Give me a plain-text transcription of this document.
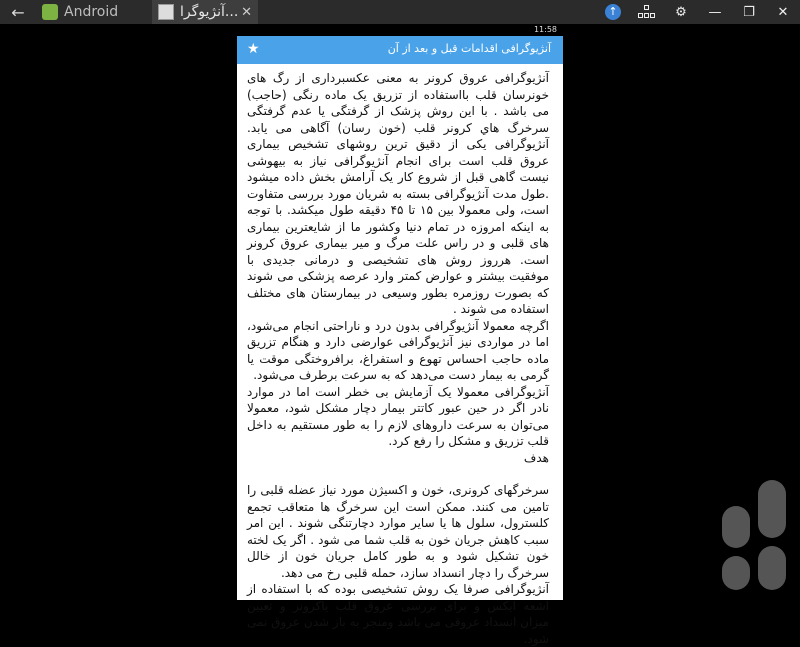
←	Android	آنژیوگرا... ✕	↑	⚙ — ❐ ✕
11:58
آنژیوگرافی اقدامات قبل و بعد از آن
★

آنژیوگرافی عروق کرونر به معنی عکسبرداری از رگ های خونرسان قلب بااستفاده از تزریق یک ماده رنگی (حاجب) می باشد . با این روش پزشک از گرفتگی یا عدم گرفتگی سرخرگ هاي کرونر قلب (خون رسان) آگاهی می یابد. آنژیوگرافی یکی از دقیق ترین روشهای تشخیص بیماری عروق قلب است برای انجام آنژیوگرافی نیاز به بیهوشی نیست گاهی قبل از شروع کار یک آرامش بخش داده میشود .طول مدت آنژیوگرافی بسته به شریان مورد بررسی متفاوت است، ولی معمولا بین ۱۵ تا ۴۵ دقیقه طول میکشد. با توجه به اینکه امروزه در تمام دنیا وکشور ما از شایعترین بیماری های قلبی و در راس علت مرگ و میر بیماری عروق کرونر است. هرروز روش های تشخیصی و درمانی جدیدی با موفقیت بیشتر و عوارض کمتر وارد عرصه پزشکی می شوند که بصورت روزمره بطور وسیعی در بیمارستان های مختلف استفاده می شوند .

اگرچه معمولا آنژیوگرافی بدون درد و ناراحتی انجام می‌شود، اما در مواردی نیز آنژیوگرافی عوارضی دارد و هنگام تزریق ماده حاجب احساس تهوع و استفراغ، برافروختگی موقت یا گرمی به بیمار دست می‌دهد که به سرعت برطرف می‌شود.

آنژیوگرافی معمولا یک آزمایش بی خطر است اما در موارد نادر اگر در حین عبور کاتتر بیمار دچار مشکل شود، معمولا می‌توان به سرعت داروهای لازم را به طور مستقیم به داخل قلب تزریق و مشکل را رفع کرد.

هدف

سرخرگهای کرونری، خون و اکسیژن مورد نیاز عضله قلبی را تامین می کنند. ممکن است این سرخرگ ها متعاقب تجمع کلسترول، سلول ها یا سایر موارد دچارتنگی شوند . این امر سبب کاهش جریان خون به قلب شما می شود . اگر یک لخته خون تشکیل شود و به طور کامل جریان خون از خالل سرخرگ را دچار انسداد سازد، حمله قلبی رخ می دهد.

آنژیوگرافی صرفا یک روش تشخیصی بوده که با استفاده از اشعه ایکس و برای بررسی عروق قلب یاکرونر و تعیین میزان انسداد عروقی می باشد ومنجر به باز شدن عروق نمی شود.
